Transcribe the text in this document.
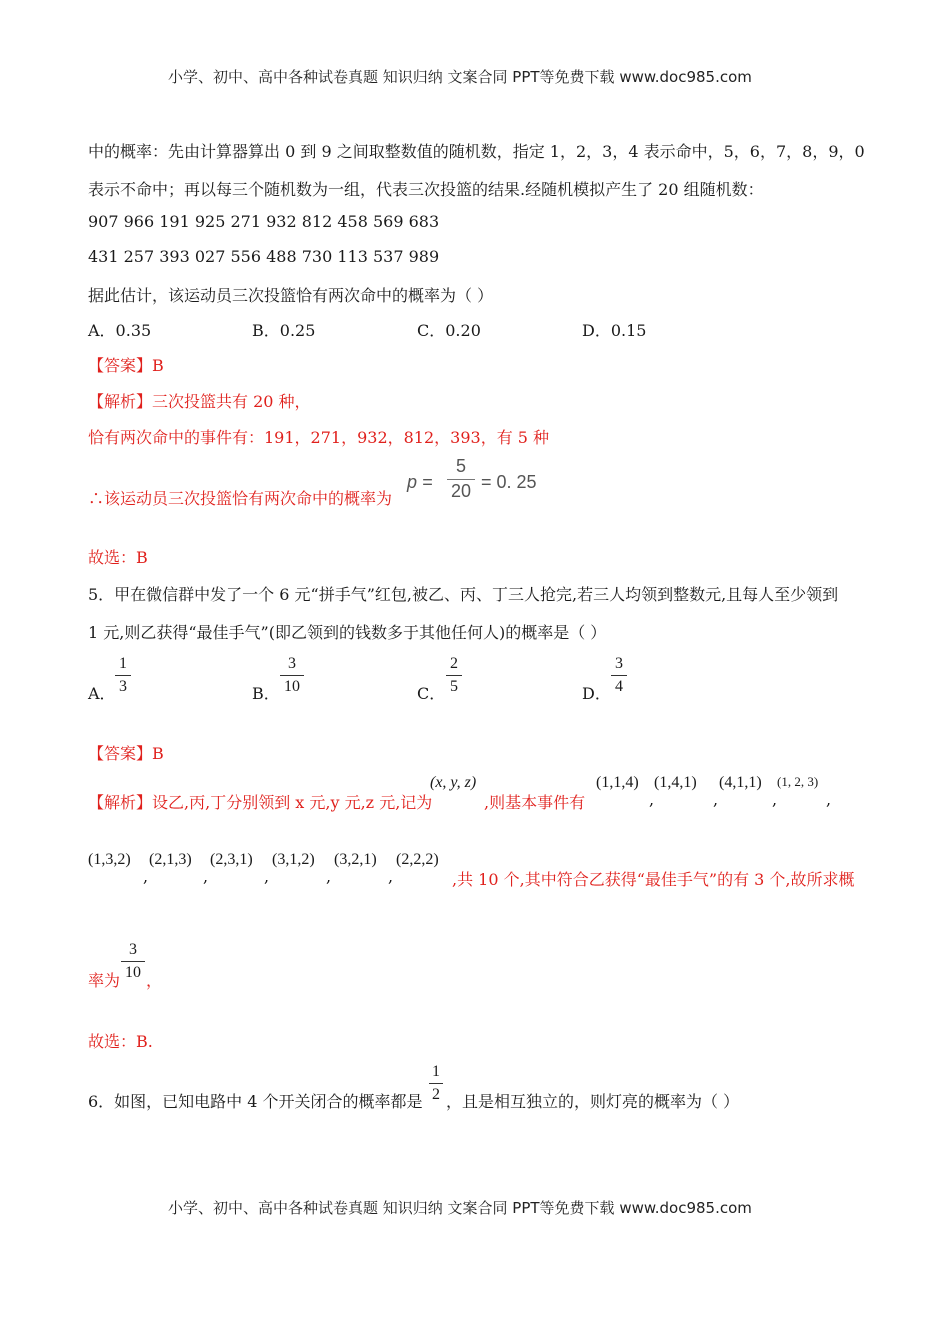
小学、初中、高中各种试卷真题 知识归纳 文案合同 PPT等免费下载 www.doc985.com
中的概率：先由计算器算出 0 到 9 之间取整数值的随机数，指定 1，2，3，4 表示命中，5，6，7，8，9，0
表示不命中；再以每三个随机数为一组，代表三次投篮的结果.经随机模拟产生了 20 组随机数：
907 966 191 925 271 932 812 458 569 683
431 257 393 027 556 488 730 113 537 989
据此估计，该运动员三次投篮恰有两次命中的概率为（ ）
A．0.35	B．0.25	C．0.20	D．0.15
【答案】B
【解析】三次投篮共有 20 种，
恰有两次命中的事件有：191，271，932，812，393，有 5 种
∴该运动员三次投篮恰有两次命中的概率为
p =
5
20 = 0. 25
故选：B
5．甲在微信群中发了一个 6 元“拼手气”红包,被乙、丙、丁三人抢完,若三人均领到整数元,且每人至少领到
1 元,则乙获得“最佳手气”(即乙领到的钱数多于其他任何人)的概率是（ ）
A．
1
3	B．
3
10	C．
2
5	D．
3
4
【答案】B
【解析】设乙,丙,丁分别领到 x 元,y 元,z 元,记为
(x, y, z)
,则基本事件有
(1,1,4)
,
(1,4,1)
,
(4,1,1)
,
(1, 2, 3)
,
(1,3,2)
,
(2,1,3)
,
(2,3,1)
,
(3,1,2)
,
(3,2,1)
,
(2,2,2)
,共 10 个,其中符合乙获得“最佳手气”的有 3 个,故所求概
率为
3
10 ，
故选：B.
6．如图，已知电路中 4 个开关闭合的概率都是
1
2 ，且是相互独立的，则灯亮的概率为（ ）
小学、初中、高中各种试卷真题 知识归纳 文案合同 PPT等免费下载 www.doc985.com
